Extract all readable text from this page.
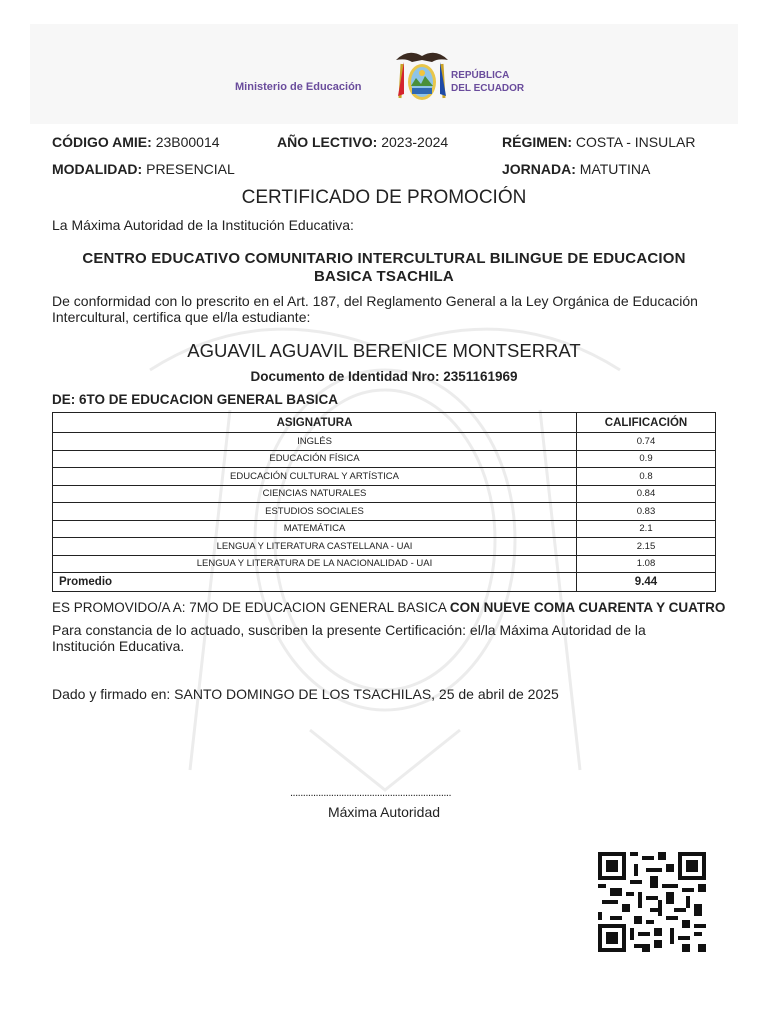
Ministerio de Educación
REPÚBLICA
DEL ECUADOR
CÓDIGO AMIE: 23B00014	AÑO LECTIVO: 2023-2024	RÉGIMEN: COSTA - INSULAR
MODALIDAD: PRESENCIAL	JORNADA: MATUTINA
CERTIFICADO DE PROMOCIÓN
La Máxima Autoridad de la Institución Educativa:
CENTRO EDUCATIVO COMUNITARIO INTERCULTURAL BILINGUE DE EDUCACION
BASICA TSACHILA
De conformidad con lo prescrito en el Art. 187, del Reglamento General a la Ley Orgánica de Educación Intercultural, certifica que el/la estudiante:
AGUAVIL AGUAVIL BERENICE MONTSERRAT
Documento de Identidad Nro: 2351161969
DE: 6TO DE EDUCACION GENERAL BASICA
ASIGNATURA	CALIFICACIÓN
INGLÉS	0.74
EDUCACIÓN FÍSICA	0.9
EDUCACIÓN CULTURAL Y ARTÍSTICA	0.8
CIENCIAS NATURALES	0.84
ESTUDIOS SOCIALES	0.83
MATEMÁTICA	2.1
LENGUA Y LITERATURA CASTELLANA - UAI	2.15
LENGUA Y LITERATURA DE LA NACIONALIDAD - UAI	1.08
Promedio	9.44
ES PROMOVIDO/A A: 7MO DE EDUCACION GENERAL BASICA CON NUEVE COMA CUARENTA Y CUATRO
Para constancia de lo actuado, suscriben la presente Certificación: el/la Máxima Autoridad de la Institución Educativa.
Dado y firmado en: SANTO DOMINGO DE LOS TSACHILAS, 25 de abril de 2025
...............................................................
Máxima Autoridad
